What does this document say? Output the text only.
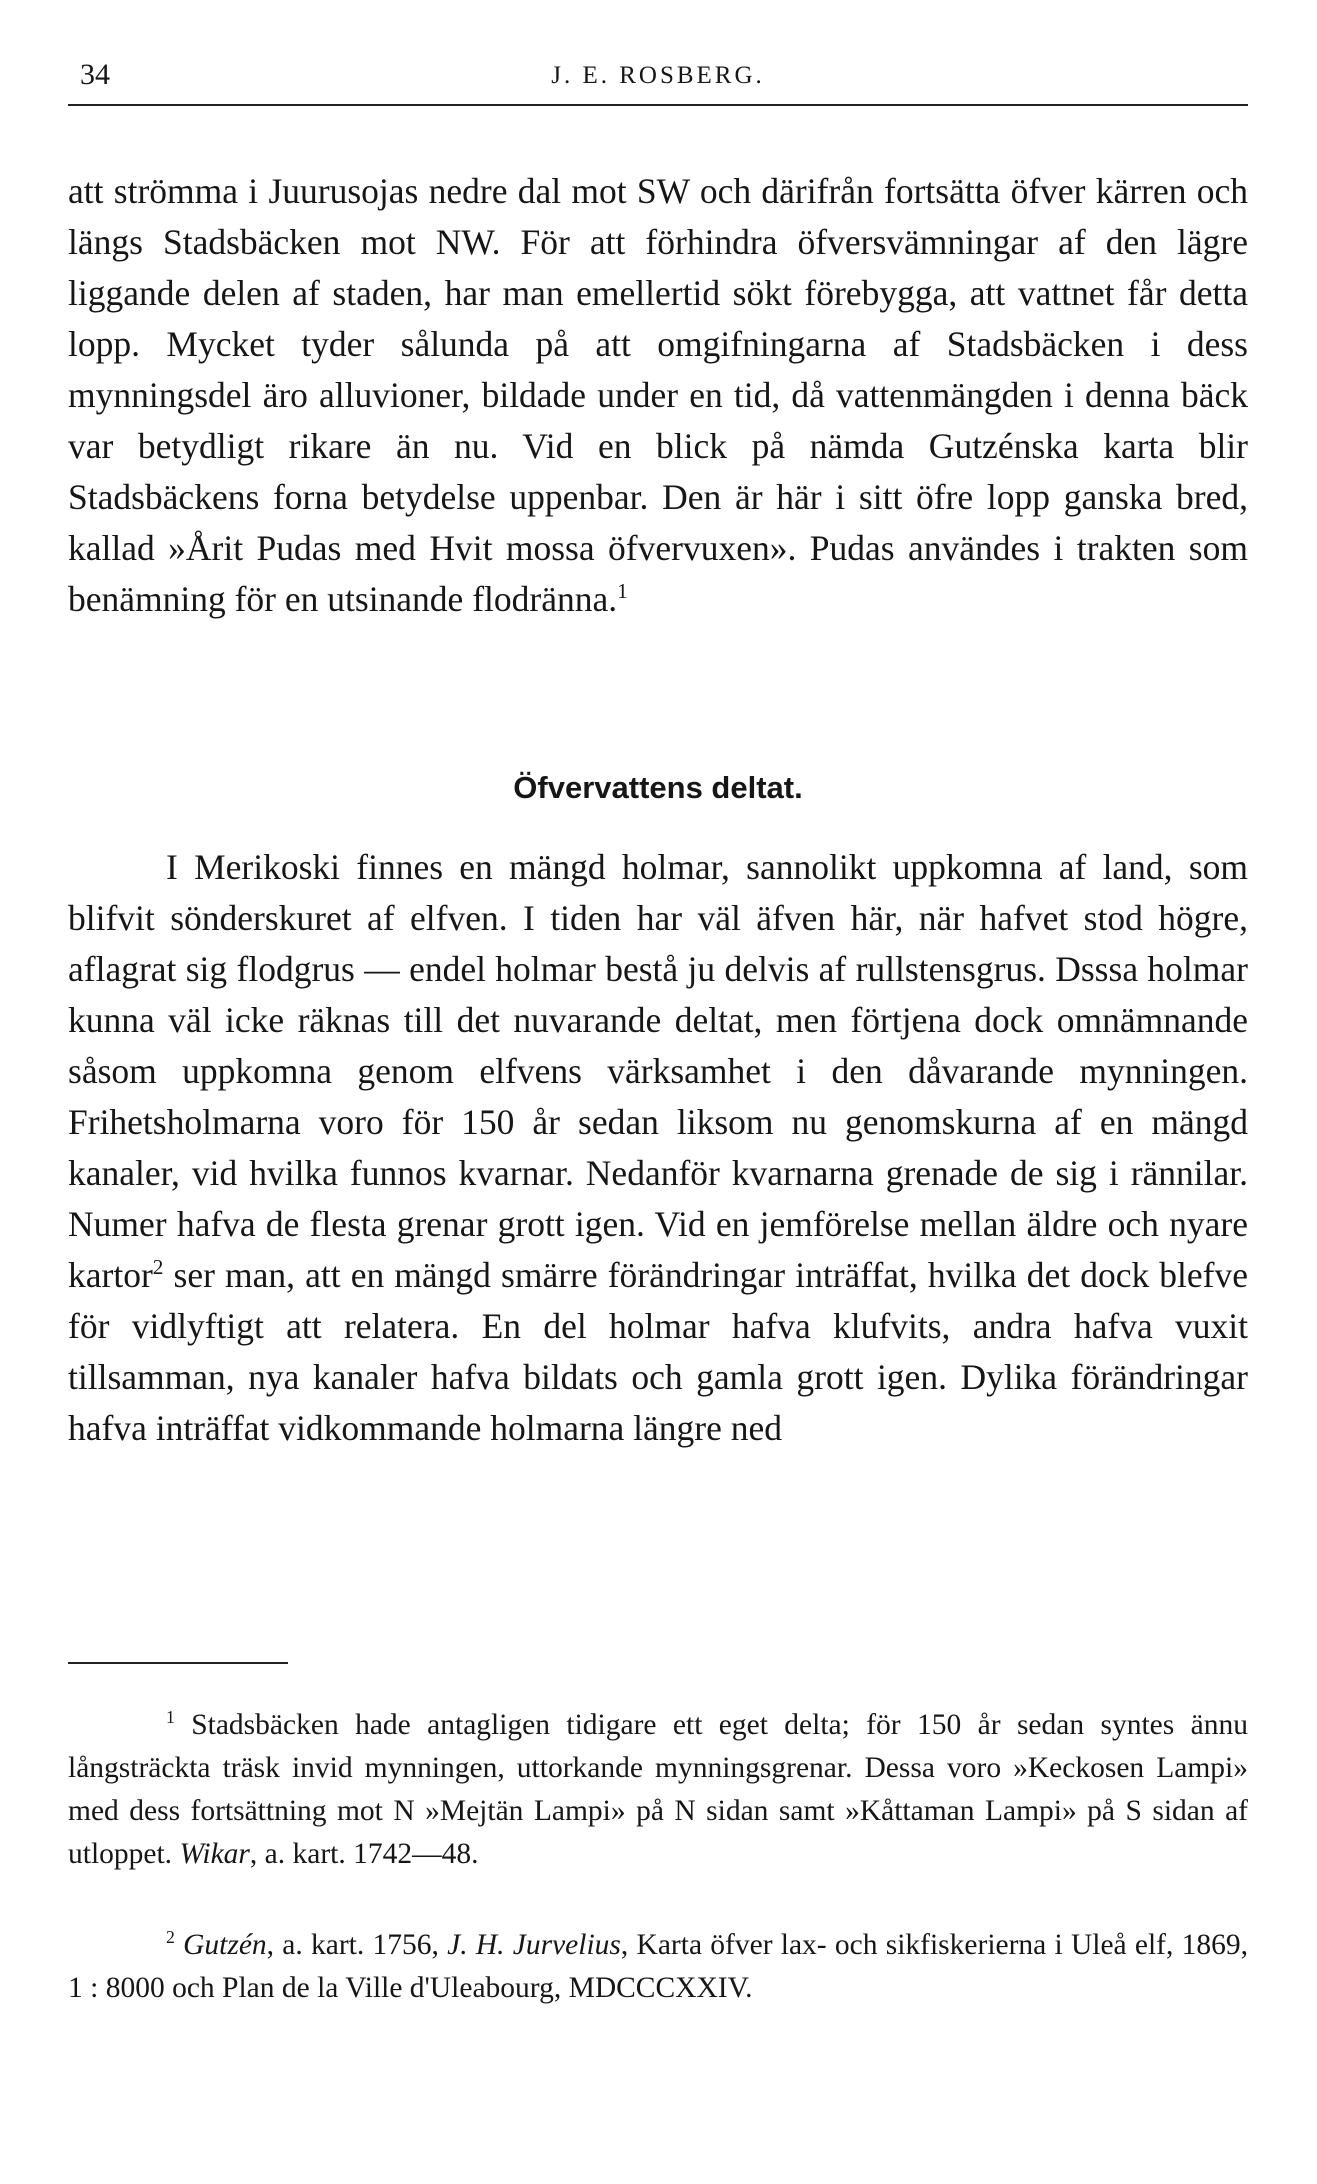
34	J. E. ROSBERG.
att strömma i Juurusojas nedre dal mot SW och därifrån fortsätta öfver kärren och längs Stadsbäcken mot NW. För att förhindra öfversvämningar af den lägre liggande delen af staden, har man emellertid sökt förebygga, att vattnet får detta lopp. Mycket tyder sålunda på att omgifningarna af Stadsbäcken i dess mynningsdel äro alluvioner, bildade under en tid, då vattenmängden i denna bäck var betydligt rikare än nu. Vid en blick på nämda Gutzénska karta blir Stadsbäckens forna betydelse uppenbar. Den är här i sitt öfre lopp ganska bred, kallad »Årit Pudas med Hvit mossa öfvervuxen». Pudas användes i trakten som benämning för en utsinande flodränna.$^1$
Öfvervattens deltat.
I Merikoski finnes en mängd holmar, sannolikt uppkomna af land, som blifvit sönderskuret af elfven. I tiden har väl äfven här, när hafvet stod högre, aflagrat sig flodgrus — endel holmar bestå ju delvis af rullstensgrus. Dsssa holmar kunna väl icke räknas till det nuvarande deltat, men förtjena dock omnämnande såsom uppkomna genom elfvens värksamhet i den dåvarande mynningen. Frihetsholmarna voro för 150 år sedan liksom nu genomskurna af en mängd kanaler, vid hvilka funnos kvarnar. Nedanför kvarnarna grenade de sig i rännilar. Numer hafva de flesta grenar grott igen. Vid en jemförelse mellan äldre och nyare kartor$^2$ ser man, att en mängd smärre förändringar inträffat, hvilka det dock blefve för vidlyftigt att relatera. En del holmar hafva klufvits, andra hafva vuxit tillsamman, nya kanaler hafva bildats och gamla grott igen. Dylika förändringar hafva inträffat vidkommande holmarna längre ned
$^1$ Stadsbäcken hade antagligen tidigare ett eget delta; för 150 år sedan syntes ännu långsträckta träsk invid mynningen, uttorkande mynningsgrenar. Dessa voro »Keckosen Lampi» med dess fortsättning mot N »Mejtän Lampi» på N sidan samt »Kåttaman Lampi» på S sidan af utloppet. Wikar, a. kart. 1742—48.
$^2$ Gutzén, a. kart. 1756, J. H. Jurvelius, Karta öfver lax- och sikfiskerierna i Uleå elf, 1869, 1 : 8000 och Plan de la Ville d'Uleabourg, MDCCCXXIV.
